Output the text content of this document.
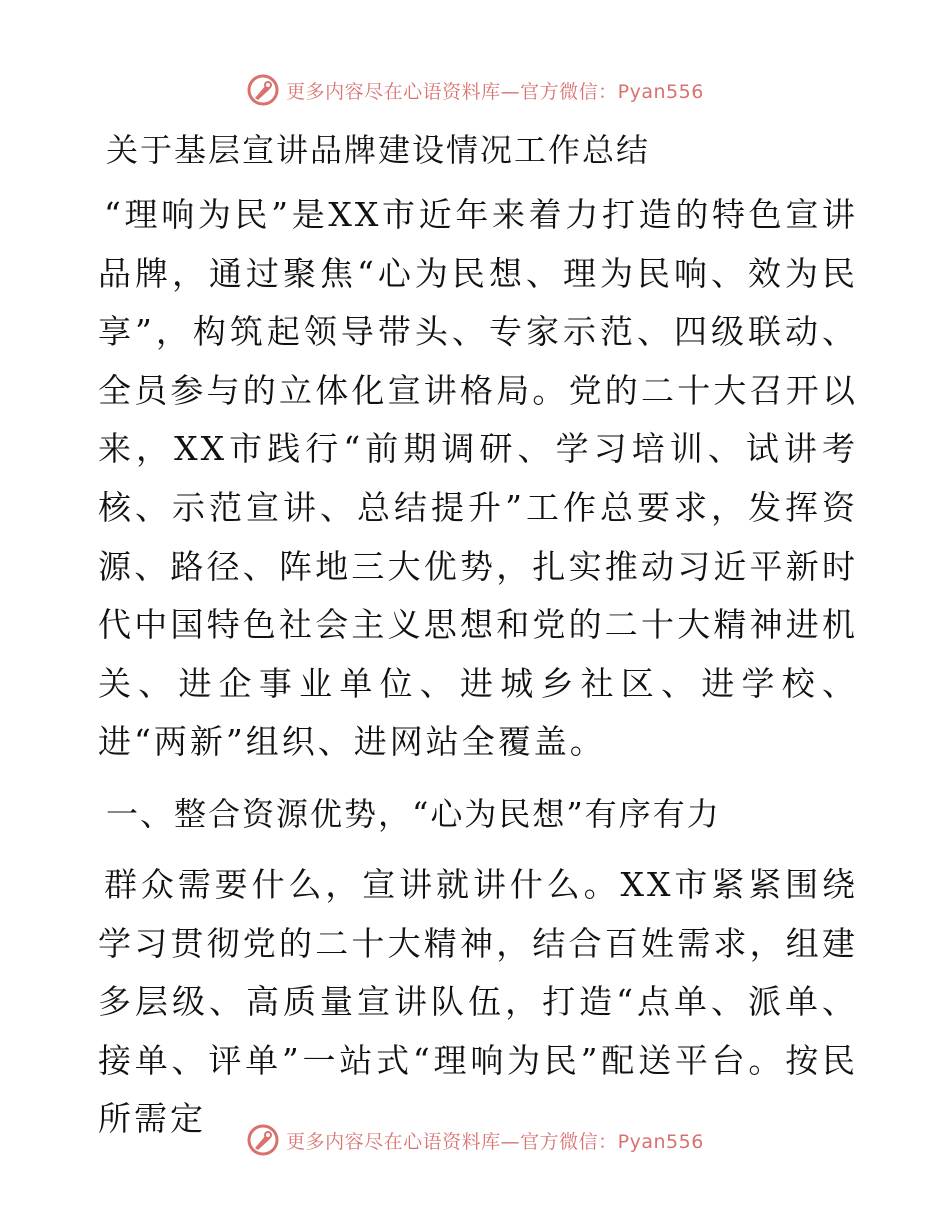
更多内容尽在心语资料库—官方微信：Pyan556
关于基层宣讲品牌建设情况工作总结

“理响为民”是XX市近年来着力打造的特色宣讲品牌，通过聚焦“心为民想、理为民响、效为民享”，构筑起领导带头、专家示范、四级联动、全员参与的立体化宣讲格局。党的二十大召开以来，XX市践行“前期调研、学习培训、试讲考核、示范宣讲、总结提升”工作总要求，发挥资源、路径、阵地三大优势，扎实推动习近平新时代中国特色社会主义思想和党的二十大精神进机关、进企事业单位、进城乡社区、进学校、进“两新”组织、进网站全覆盖。

一、整合资源优势，“心为民想”有序有力

群众需要什么，宣讲就讲什么。XX市紧紧围绕学习贯彻党的二十大精神，结合百姓需求，组建多层级、高质量宣讲队伍，打造“点单、派单、接单、评单”一站式“理响为民”配送平台。按民所需定

更多内容尽在心语资料库—官方微信：Pyan556
